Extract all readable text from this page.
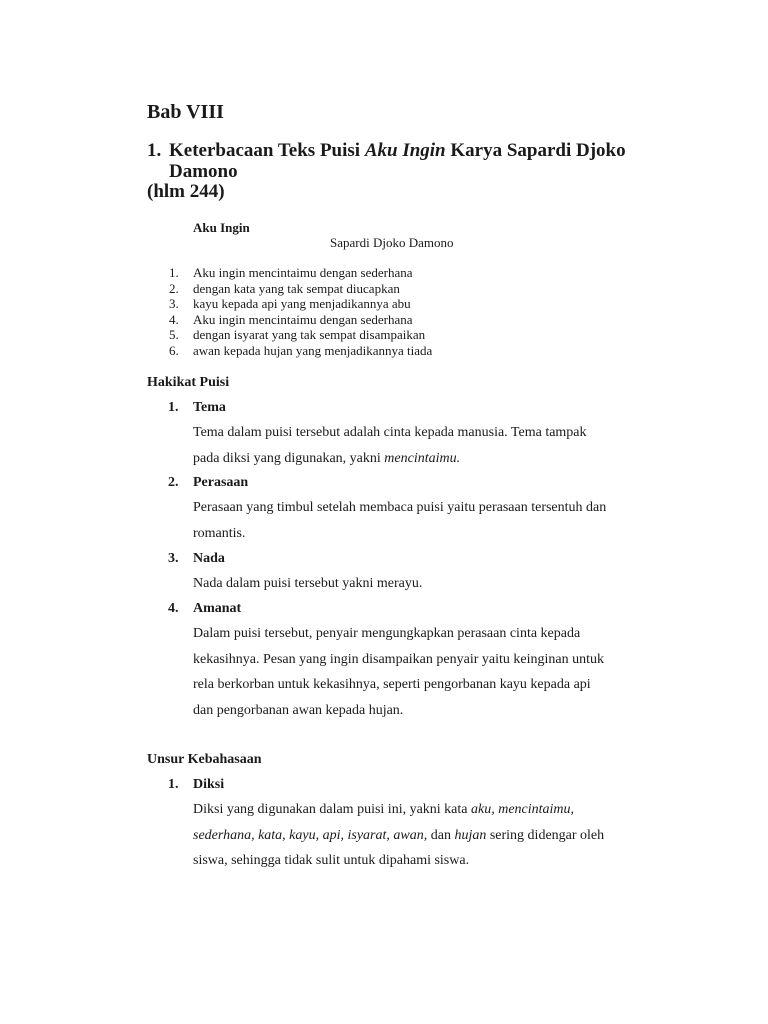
Bab VIII
1. Keterbacaan Teks Puisi Aku Ingin Karya Sapardi Djoko
Damono
(hlm 244)
Aku Ingin
Sapardi Djoko Damono
1.	Aku ingin mencintaimu dengan sederhana
2.	dengan kata yang tak sempat diucapkan
3.	kayu kepada api yang menjadikannya abu
4.	Aku ingin mencintaimu dengan sederhana
5.	dengan isyarat yang tak sempat disampaikan
6.	awan kepada hujan yang menjadikannya tiada
Hakikat Puisi
1. Tema
Tema dalam puisi tersebut adalah cinta kepada manusia. Tema tampak
pada diksi yang digunakan, yakni mencintaimu.
2. Perasaan
Perasaan yang timbul setelah membaca puisi yaitu perasaan tersentuh dan
romantis.
3. Nada
Nada dalam puisi tersebut yakni merayu.
4. Amanat
Dalam puisi tersebut, penyair mengungkapkan perasaan cinta kepada
kekasihnya. Pesan yang ingin disampaikan penyair yaitu keinginan untuk
rela berkorban untuk kekasihnya, seperti pengorbanan kayu kepada api
dan pengorbanan awan kepada hujan.
Unsur Kebahasaan
1. Diksi
Diksi yang digunakan dalam puisi ini, yakni kata aku, mencintaimu,
sederhana, kata, kayu, api, isyarat, awan, dan hujan sering didengar oleh
siswa, sehingga tidak sulit untuk dipahami siswa.
